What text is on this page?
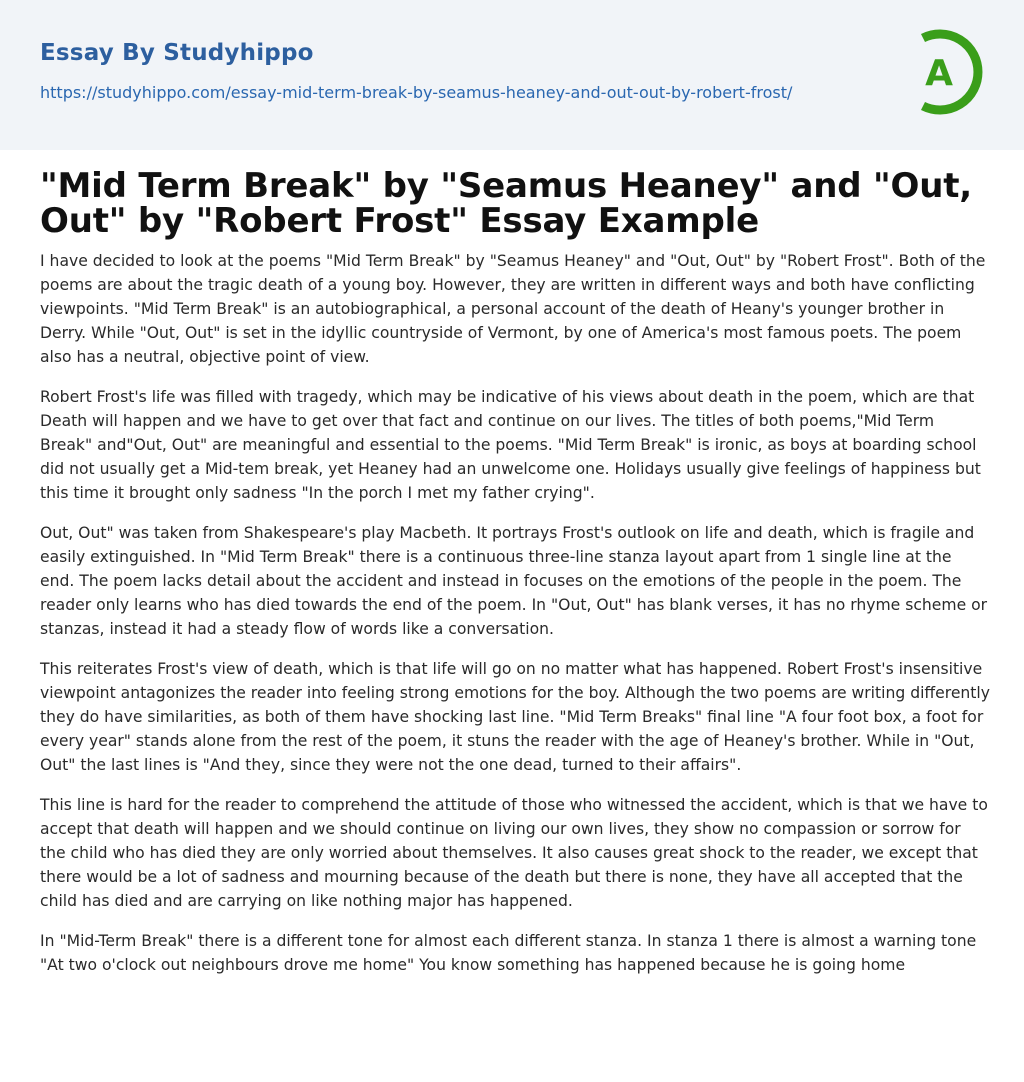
Essay By Studyhippo
https://studyhippo.com/essay-mid-term-break-by-seamus-heaney-and-out-out-by-robert-frost/	A
"Mid Term Break" by "Seamus Heaney" and "Out, Out" by "Robert Frost" Essay Example

I have decided to look at the poems "Mid Term Break" by "Seamus Heaney" and "Out, Out" by "Robert Frost". Both of the poems are about the tragic death of a young boy. However, they are written in different ways and both have conflicting viewpoints. "Mid Term Break" is an autobiographical, a personal account of the death of Heany's younger brother in Derry. While "Out, Out" is set in the idyllic countryside of Vermont, by one of America's most famous poets. The poem also has a neutral, objective point of view.

Robert Frost's life was filled with tragedy, which may be indicative of his views about death in the poem, which are that Death will happen and we have to get over that fact and continue on our lives. The titles of both poems,"Mid Term Break" and"Out, Out" are meaningful and essential to the poems. "Mid Term Break" is ironic, as boys at boarding school did not usually get a Mid-tem break, yet Heaney had an unwelcome one. Holidays usually give feelings of happiness but this time it brought only sadness "In the porch I met my father crying".

Out, Out" was taken from Shakespeare's play Macbeth. It portrays Frost's outlook on life and death, which is fragile and easily extinguished. In "Mid Term Break" there is a continuous three-line stanza layout apart from 1 single line at the end. The poem lacks detail about the accident and instead in focuses on the emotions of the people in the poem. The reader only learns who has died towards the end of the poem. In "Out, Out" has blank verses, it has no rhyme scheme or stanzas, instead it had a steady flow of words like a conversation.

This reiterates Frost's view of death, which is that life will go on no matter what has happened. Robert Frost's insensitive viewpoint antagonizes the reader into feeling strong emotions for the boy. Although the two poems are writing differently they do have similarities, as both of them have shocking last line. "Mid Term Breaks" final line "A four foot box, a foot for every year" stands alone from the rest of the poem, it stuns the reader with the age of Heaney's brother. While in "Out, Out" the last lines is "And they, since they were not the one dead, turned to their affairs".

This line is hard for the reader to comprehend the attitude of those who witnessed the accident, which is that we have to accept that death will happen and we should continue on living our own lives, they show no compassion or sorrow for the child who has died they are only worried about themselves. It also causes great shock to the reader, we except that there would be a lot of sadness and mourning because of the death but there is none, they have all accepted that the child has died and are carrying on like nothing major has happened.

In "Mid-Term Break" there is a different tone for almost each different stanza. In stanza 1 there is almost a warning tone "At two o'clock out neighbours drove me home" You know something has happened because he is going home
